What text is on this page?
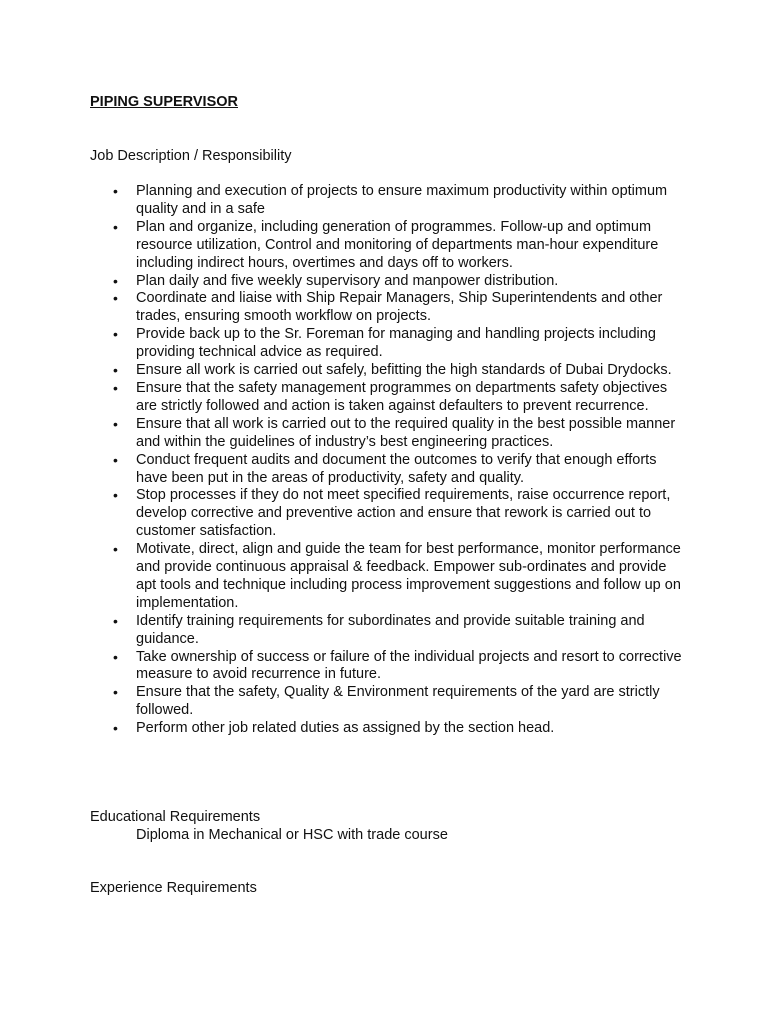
PIPING SUPERVISOR

Job Description / Responsibility

• Planning and execution of projects to ensure maximum productivity within optimum quality and in a safe
• Plan and organize, including generation of programmes. Follow-up and optimum resource utilization, Control and monitoring of departments man-hour expenditure including indirect hours, overtimes and days off to workers.
• Plan daily and five weekly supervisory and manpower distribution.
• Coordinate and liaise with Ship Repair Managers, Ship Superintendents and other trades, ensuring smooth workflow on projects.
• Provide back up to the Sr. Foreman for managing and handling projects including providing technical advice as required.
• Ensure all work is carried out safely, befitting the high standards of Dubai Drydocks.
• Ensure that the safety management programmes on departments safety objectives are strictly followed and action is taken against defaulters to prevent recurrence.
• Ensure that all work is carried out to the required quality in the best possible manner and within the guidelines of industry’s best engineering practices.
• Conduct frequent audits and document the outcomes to verify that enough efforts have been put in the areas of productivity, safety and quality.
• Stop processes if they do not meet specified requirements, raise occurrence report, develop corrective and preventive action and ensure that rework is carried out to customer satisfaction.
• Motivate, direct, align and guide the team for best performance, monitor performance and provide continuous appraisal & feedback. Empower sub-ordinates and provide apt tools and technique including process improvement suggestions and follow up on implementation.
• Identify training requirements for subordinates and provide suitable training and guidance.
• Take ownership of success or failure of the individual projects and resort to corrective measure to avoid recurrence in future.
• Ensure that the safety, Quality & Environment requirements of the yard are strictly followed.
• Perform other job related duties as assigned by the section head.

Educational Requirements

Diploma in Mechanical or HSC with trade course

Experience Requirements
